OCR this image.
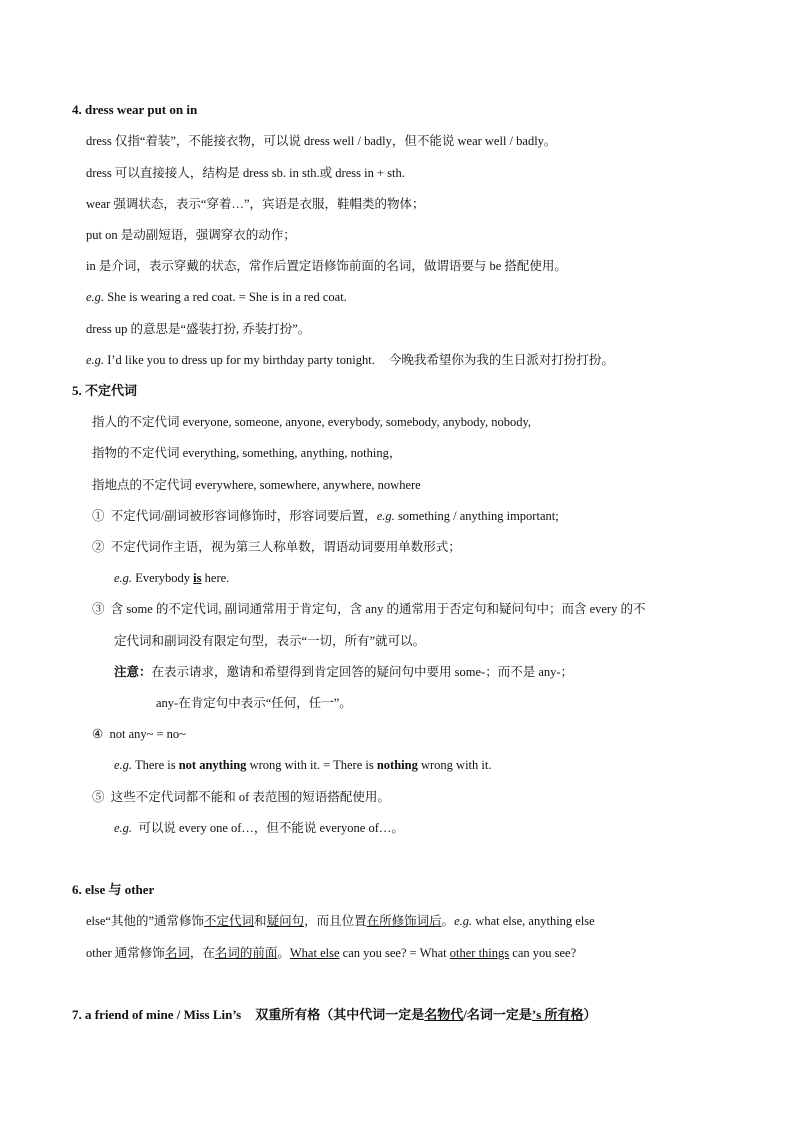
4. dress wear put on in
dress 仅指“着装”，不能接衣物，可以说 dress well / badly，但不能说 wear well / badly。
dress 可以直接接人，结构是 dress sb. in sth.或 dress in + sth.
wear 强调状态，表示“穿着…”，宾语是衣服，鞋帽类的物体；
put on 是动副短语，强调穿衣的动作；
in 是介词，表示穿戴的状态，常作后置定语修饰前面的名词，做谓语要与 be 搭配使用。
e.g. She is wearing a red coat. = She is in a red coat.
dress up 的意思是“盛装打扮, 乔装打扮”。
e.g. I’d like you to dress up for my birthday party tonight. 今晚我希望你为我的生日派对打扮打扮。
5. 不定代词
指人的不定代词 everyone, someone, anyone, everybody, somebody, anybody, nobody,
指物的不定代词 everything, something, anything, nothing，
指地点的不定代词 everywhere, somewhere, anywhere, nowhere
① 不定代词/副词被形容词修饰时，形容词要后置，e.g. something / anything important;
② 不定代词作主语，视为第三人称单数，谓语动词要用单数形式；
e.g. Everybody is here.
③ 含 some 的不定代词, 副词通常用于肯定句，含 any 的通常用于否定句和疑问句中；而含 every 的不
定代词和副词没有限定句型，表示“一切，所有”就可以。
注意：在表示请求，邀请和希望得到肯定回答的疑问句中要用 some-；而不是 any-；
any-在肯定句中表示“任何，任一”。
④ not any~ = no~
e.g. There is not anything wrong with it. = There is nothing wrong with it.
⑤ 这些不定代词都不能和 of 表范围的短语搭配使用。
e.g. 可以说 every one of…，但不能说 everyone of…。
6. else 与 other
else“其他的”通常修饰不定代词和疑问句，而且位置在所修饰词后。e.g. what else, anything else
other 通常修饰名词，在名词的前面。What else can you see? = What other things can you see?
7. a friend of mine / Miss Lin’s 双重所有格（其中代词一定是名物代/名词一定是’s 所有格）
